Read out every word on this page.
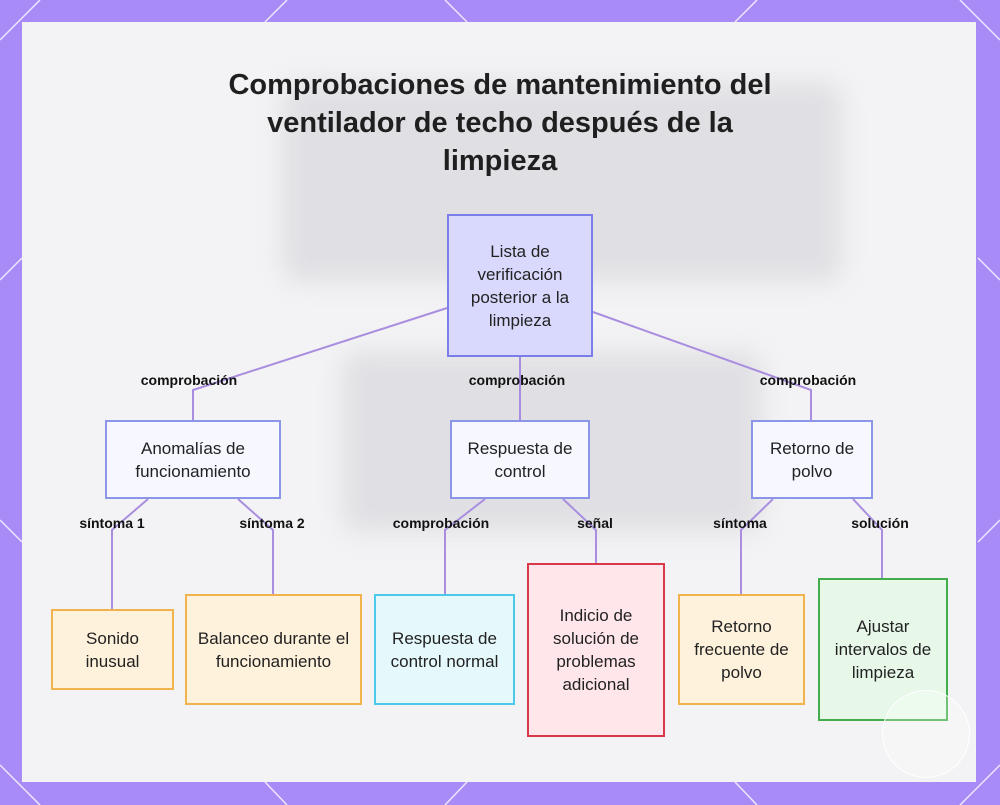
Comprobaciones de mantenimiento del
ventilador de techo después de la
limpieza
Lista de verificación posterior a la limpieza
Anomalías de funcionamiento
Respuesta de control
Retorno de polvo
Sonido inusual
Balanceo durante el funcionamiento
Respuesta de control normal
Indicio de solución de problemas adicional
Retorno frecuente de polvo
Ajustar intervalos de limpieza
comprobación	comprobación	comprobación
síntoma 1	síntoma 2	comprobación	señal	síntoma	solución
